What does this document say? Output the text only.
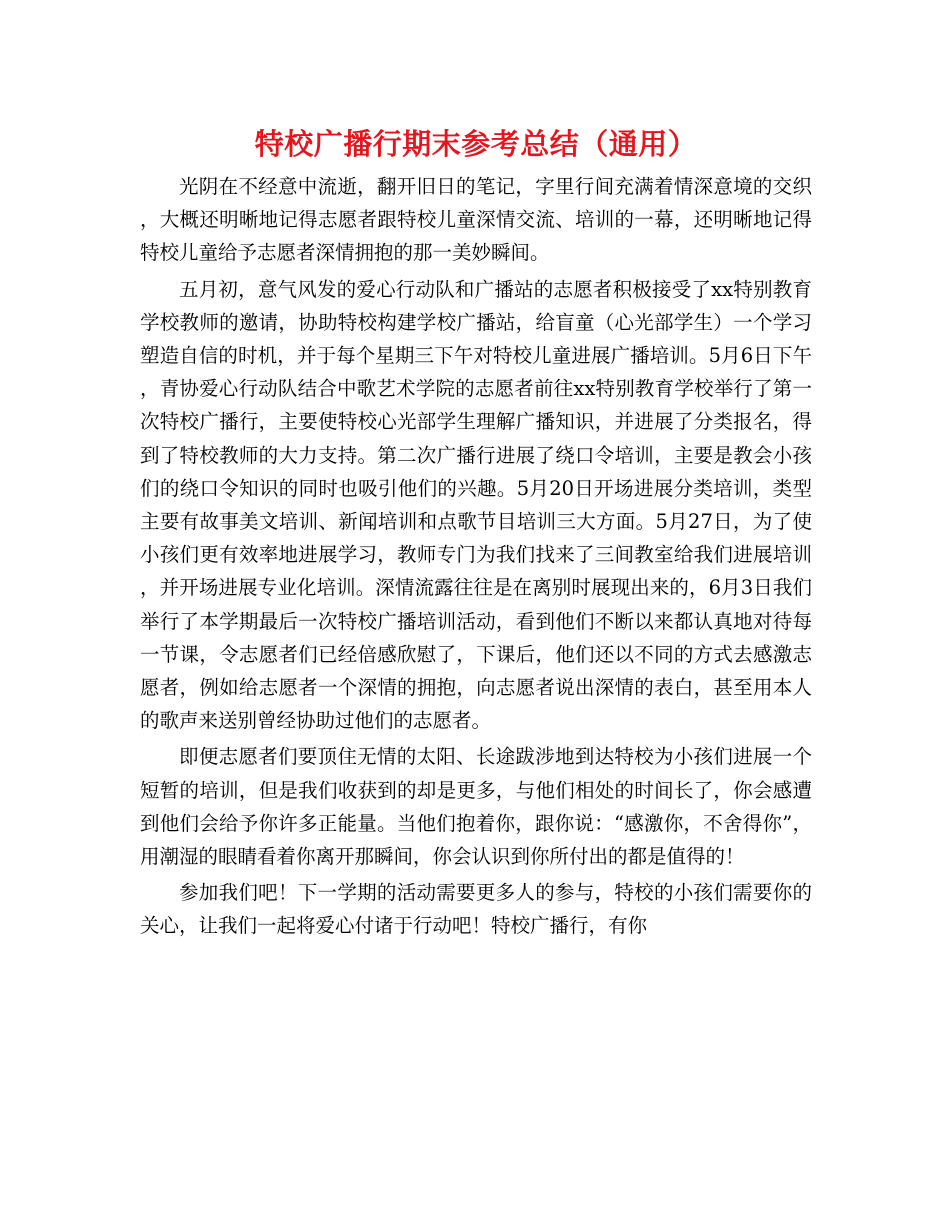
特校广播行期末参考总结（通用）

光阴在不经意中流逝，翻开旧日的笔记，字里行间充满着情深意境的交织，大概还明晰地记得志愿者跟特校儿童深情交流、培训的一幕，还明晰地记得特校儿童给予志愿者深情拥抱的那一美妙瞬间。

五月初，意气风发的爱心行动队和广播站的志愿者积极接受了xx特别教育学校教师的邀请，协助特校构建学校广播站，给盲童（心光部学生）一个学习塑造自信的时机，并于每个星期三下午对特校儿童进展广播培训。5月6日下午，青协爱心行动队结合中歌艺术学院的志愿者前往xx特别教育学校举行了第一次特校广播行，主要使特校心光部学生理解广播知识，并进展了分类报名，得到了特校教师的大力支持。第二次广播行进展了绕口令培训，主要是教会小孩们的绕口令知识的同时也吸引他们的兴趣。5月20日开场进展分类培训，类型主要有故事美文培训、新闻培训和点歌节目培训三大方面。5月27日，为了使小孩们更有效率地进展学习，教师专门为我们找来了三间教室给我们进展培训，并开场进展专业化培训。深情流露往往是在离别时展现出来的，6月3日我们举行了本学期最后一次特校广播培训活动，看到他们不断以来都认真地对待每一节课，令志愿者们已经倍感欣慰了，下课后，他们还以不同的方式去感激志愿者，例如给志愿者一个深情的拥抱，向志愿者说出深情的表白，甚至用本人的歌声来送别曾经协助过他们的志愿者。

即便志愿者们要顶住无情的太阳、长途跋涉地到达特校为小孩们进展一个短暂的培训，但是我们收获到的却是更多，与他们相处的时间长了，你会感遭到他们会给予你许多正能量。当他们抱着你，跟你说：“感激你，不舍得你”，用潮湿的眼睛看着你离开那瞬间，你会认识到你所付出的都是值得的！

参加我们吧！下一学期的活动需要更多人的参与，特校的小孩们需要你的关心，让我们一起将爱心付诸于行动吧！特校广播行，有你
